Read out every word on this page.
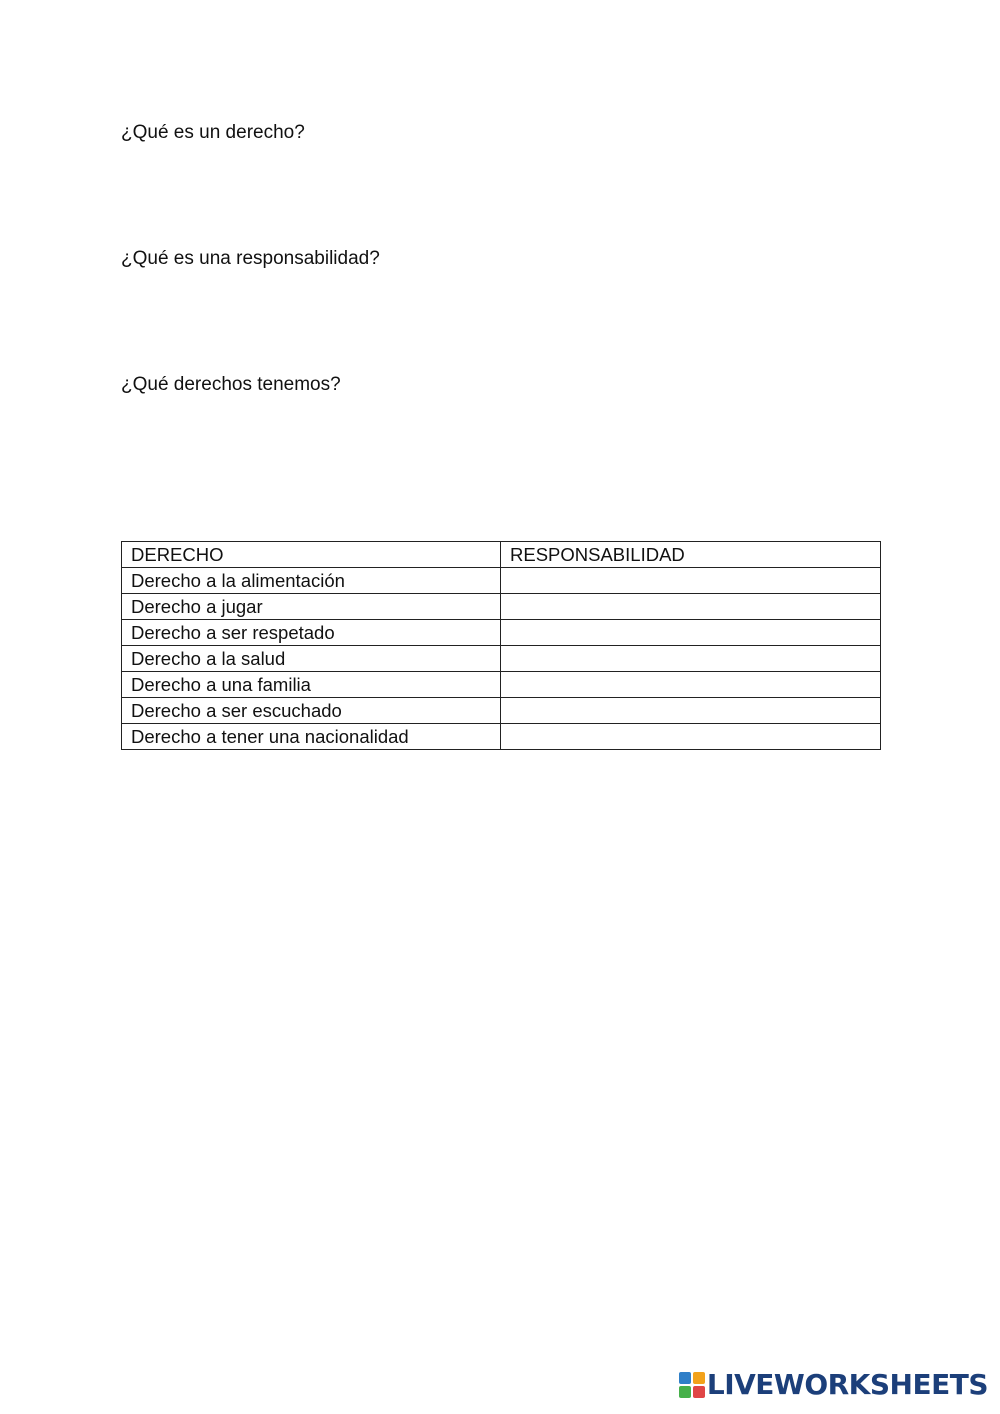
¿Qué es un derecho?

¿Qué es una responsabilidad?

¿Qué derechos tenemos?

DERECHO	RESPONSABILIDAD
Derecho a la alimentación	
Derecho a jugar	
Derecho a ser respetado	
Derecho a la salud	
Derecho a una familia	
Derecho a ser escuchado	
Derecho a tener una nacionalidad	
LIVEWORKSHEETS
